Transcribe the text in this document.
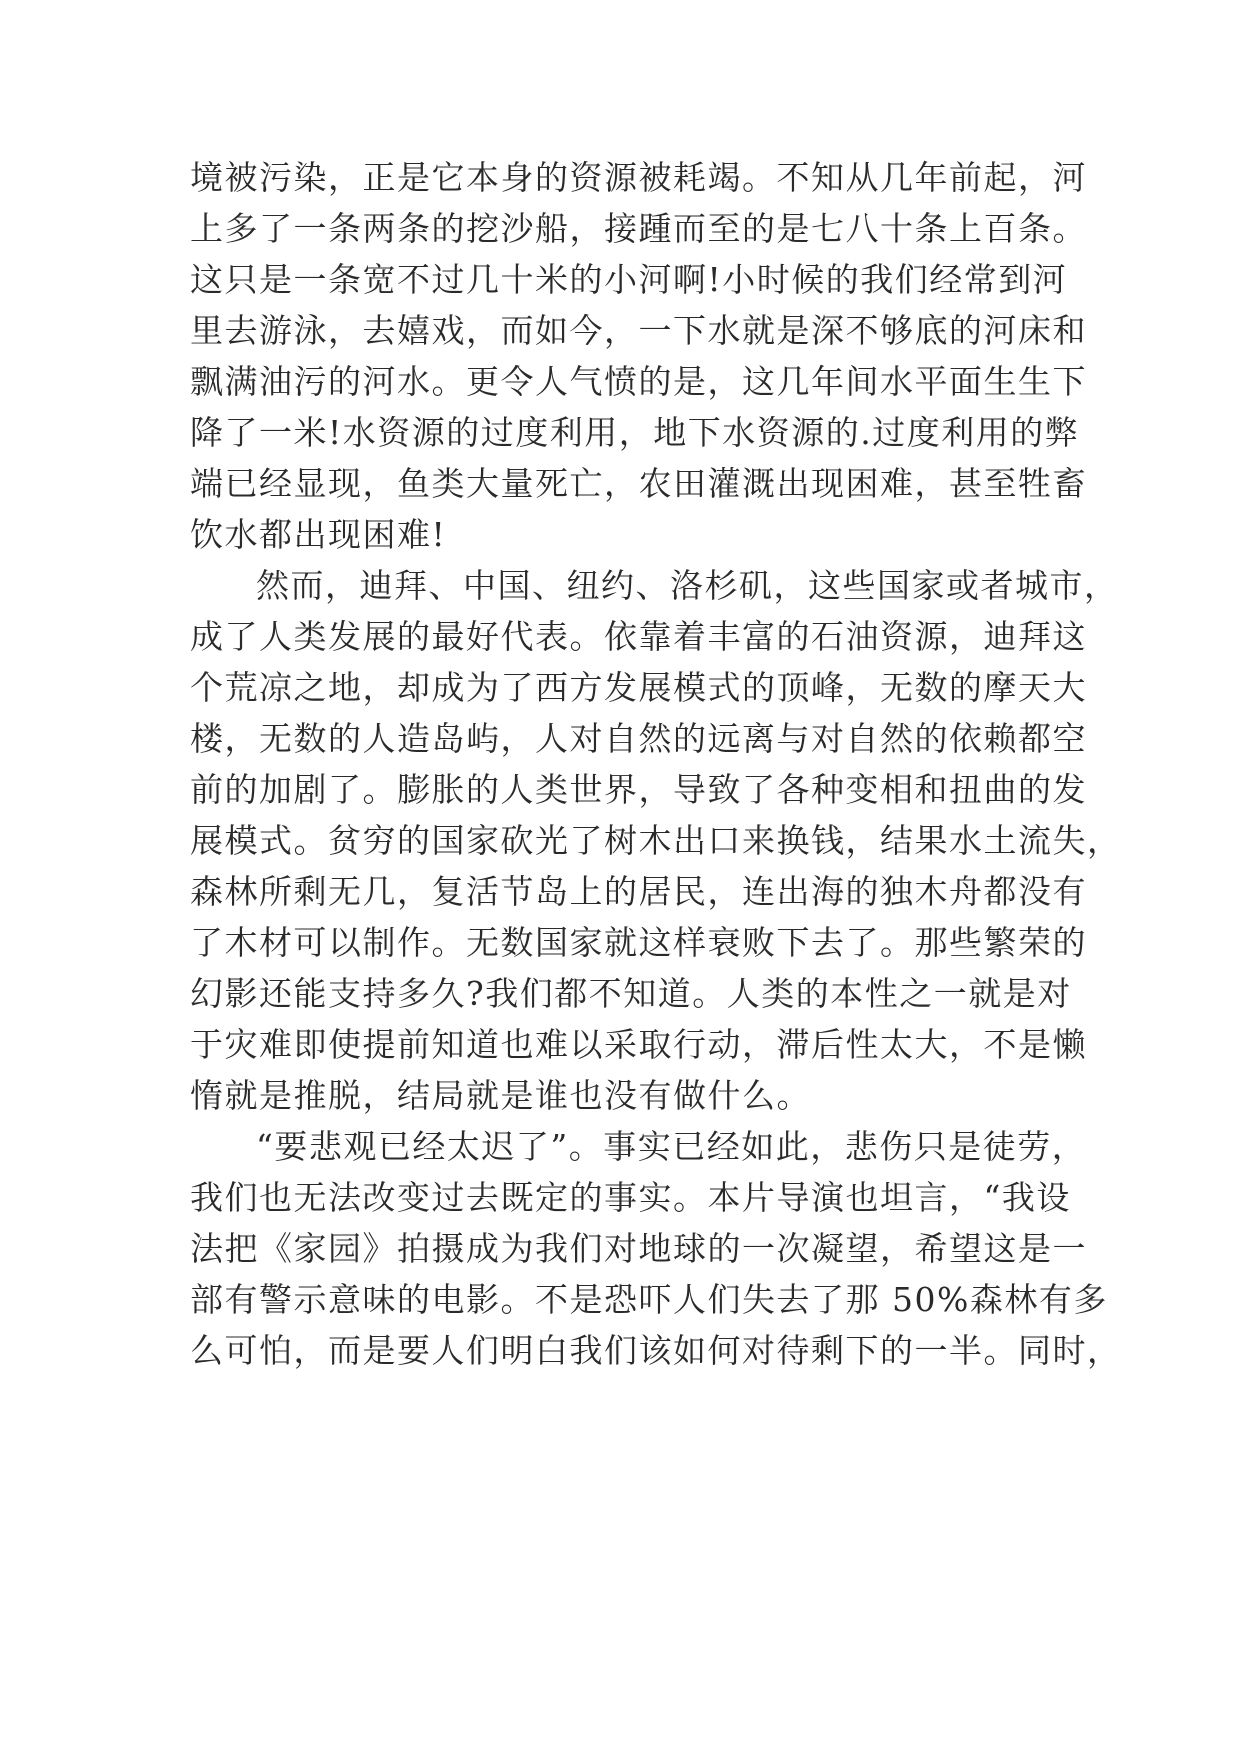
境被污染，正是它本身的资源被耗竭。不知从几年前起，河
上多了一条两条的挖沙船，接踵而至的是七八十条上百条。
这只是一条宽不过几十米的小河啊!小时候的我们经常到河
里去游泳，去嬉戏，而如今，一下水就是深不够底的河床和
飘满油污的河水。更令人气愤的是，这几年间水平面生生下
降了一米!水资源的过度利用，地下水资源的.过度利用的弊
端已经显现，鱼类大量死亡，农田灌溉出现困难，甚至牲畜
饮水都出现困难!
然而，迪拜、中国、纽约、洛杉矶，这些国家或者城市，
成了人类发展的最好代表。依靠着丰富的石油资源，迪拜这
个荒凉之地，却成为了西方发展模式的顶峰，无数的摩天大
楼，无数的人造岛屿，人对自然的远离与对自然的依赖都空
前的加剧了。膨胀的人类世界，导致了各种变相和扭曲的发
展模式。贫穷的国家砍光了树木出口来换钱，结果水土流失，
森林所剩无几，复活节岛上的居民，连出海的独木舟都没有
了木材可以制作。无数国家就这样衰败下去了。那些繁荣的
幻影还能支持多久?我们都不知道。人类的本性之一就是对
于灾难即使提前知道也难以采取行动，滞后性太大，不是懒
惰就是推脱，结局就是谁也没有做什么。
“要悲观已经太迟了”。事实已经如此，悲伤只是徒劳，
我们也无法改变过去既定的事实。本片导演也坦言，“我设
法把《家园》拍摄成为我们对地球的一次凝望，希望这是一
部有警示意味的电影。不是恐吓人们失去了那 50%森林有多
么可怕，而是要人们明白我们该如何对待剩下的一半。同时，
